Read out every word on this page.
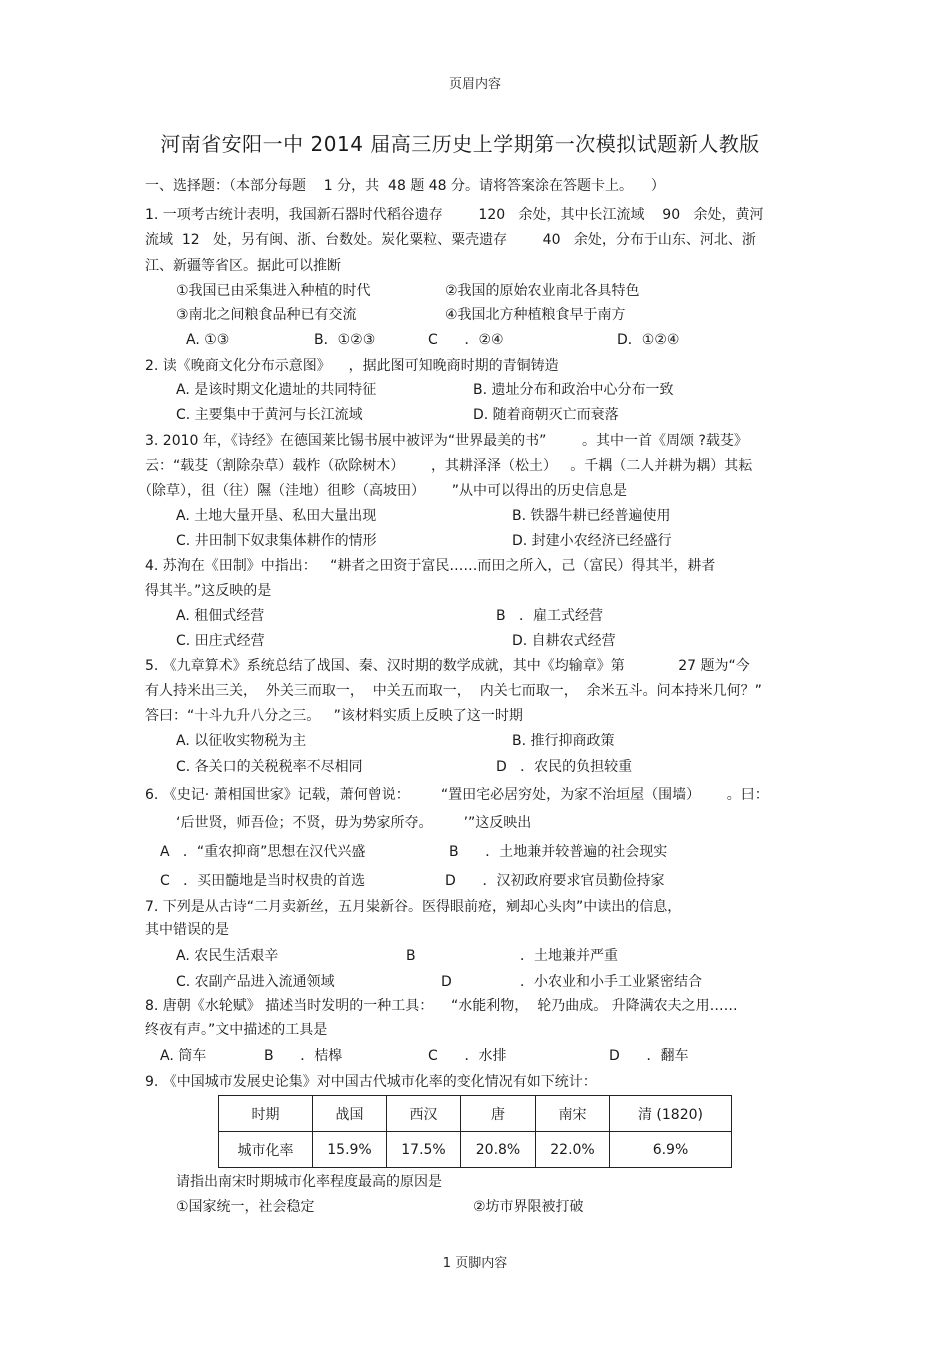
页眉内容
河南省安阳一中 2014 届高三历史上学期第一次模拟试题新人教版
一、选择题：（本部分每题    1 分，共  48 题 48 分。请将答案涂在答题卡上。    ）
1. 一项考古统计表明，我国新石器时代稻谷遗存        120   余处，其中长江流域    90   余处，黄河
流域  12   处，另有闽、浙、台数处。炭化粟粒、粟壳遗存        40   余处，分布于山东、河北、浙
江、新疆等省区。据此可以推断
①我国已由采集进入种植的时代	②我国的原始农业南北各具特色
③南北之间粮食品种已有交流	④我国北方种植粮食早于南方
A. ①③	B．①②③	C      ．②④	D．①②④
2. 读《晚商文化分布示意图》    ，据此图可知晚商时期的青铜铸造
A. 是该时期文化遗址的共同特征	B. 遗址分布和政治中心分布一致
C. 主要集中于黄河与长江流域	D. 随着商朝灭亡而衰落
3. 2010 年，《诗经》在德国莱比锡书展中被评为“世界最美的书”        。其中一首《周颂 ?载芟》
云：“载芟（割除杂草）载柞（砍除树木）      ，其耕泽泽（松土）   。千耦（二人并耕为耦）其耘
（除草），徂（往）隰（洼地）徂畛（高坡田）      ”从中可以得出的历史信息是
A. 土地大量开垦、私田大量出现	B. 铁器牛耕已经普遍使用
C. 井田制下奴隶集体耕作的情形	D. 封建小农经济已经盛行
4. 苏洵在《田制》中指出：   “耕者之田资于富民……而田之所入，己（富民）得其半，耕者
得其半。”这反映的是
A. 租佃式经营	B   ．雇工式经营
C. 田庄式经营	D. 自耕农式经营
5. 《九章算术》系统总结了战国、秦、汉时期的数学成就，其中《均输章》第            27 题为“今
有人持米出三关，  外关三而取一，  中关五而取一，  内关七而取一，  余米五斗。问本持米几何？”
答曰：“十斗九升八分之三。   ”该材料实质上反映了这一时期
A. 以征收实物税为主	B. 推行抑商政策
C. 各关口的关税税率不尽相同	D   ．农民的负担较重
6. 《史记· 萧相国世家》记载，萧何曾说：       “置田宅必居穷处，为家不治垣屋（围墙）      。曰：
‘后世贤，师吾俭；不贤，毋为势家所夺。       ’”这反映出
A   ．“重农抑商”思想在汉代兴盛	B      ．土地兼并较普遍的社会现实
C   ．买田髓地是当时权贵的首选	D      ．汉初政府要求官员勤俭持家
7. 下列是从古诗“二月卖新丝，五月粜新谷。医得眼前疮，剜却心头肉”中读出的信息，
其中错误的是
A. 农民生活艰辛	B	．土地兼并严重
C. 农副产品进入流通领域	D	．小农业和小手工业紧密结合
8. 唐朝《水轮赋》 描述当时发明的一种工具：    “水能利物，  轮乃曲成。 升降满农夫之用……
终夜有声。”文中描述的工具是
A. 筒车	B      ．桔槔	C      ．水排	D      ．翻车
9. 《中国城市发展史论集》对中国古代城市化率的变化情况有如下统计：
时期	战国	西汉	唐	南宋	清 (1820)
城市化率	15.9%	17.5%	20.8%	22.0%	6.9%
请指出南宋时期城市化率程度最高的原因是
①国家统一，社会稳定	②坊市界限被打破
1 页脚内容
